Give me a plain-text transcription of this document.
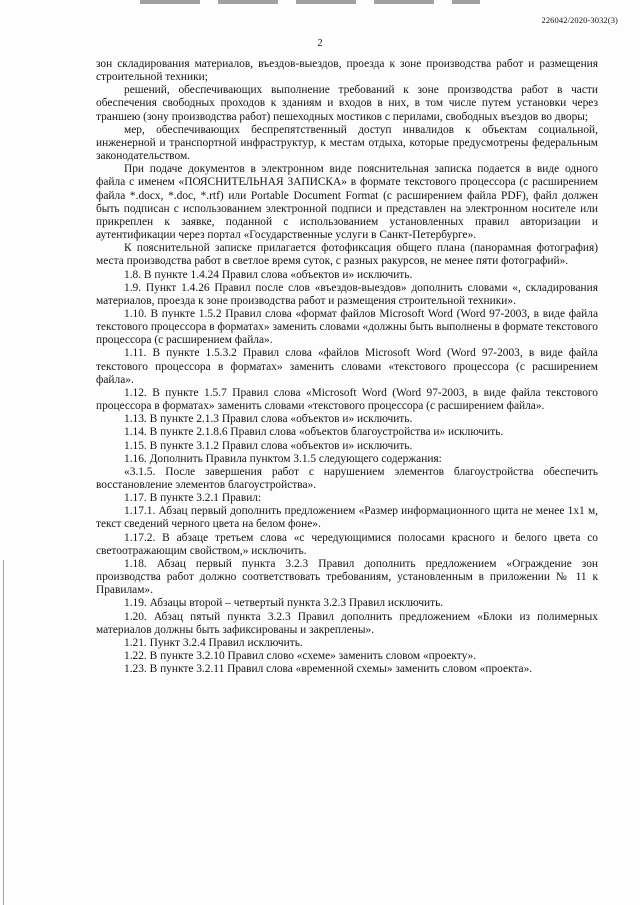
226042/2020-3032(3)
2

зон складирования материалов, въездов-выездов, проезда к зоне производства работ и размещения строительной техники;

решений, обеспечивающих выполнение требований к зоне производства работ в части обеспечения свободных проходов к зданиям и входов в них, в том числе путем установки через траншею (зону производства работ) пешеходных мостиков с перилами, свободных въездов во дворы;

мер, обеспечивающих беспрепятственный доступ инвалидов к объектам социальной, инженерной и транспортной инфраструктур, к местам отдыха, которые предусмотрены федеральным законодательством.

При подаче документов в электронном виде пояснительная записка подается в виде одного файла с именем «ПОЯСНИТЕЛЬНАЯ ЗАПИСКА» в формате текстового процессора (с расширением файла *.docx, *.doc, *.rtf) или Portable Document Format (с расширением файла PDF), файл должен быть подписан с использованием электронной подписи и представлен на электронном носителе или прикреплен к заявке, поданной с использованием установленных правил авторизации и аутентификации через портал «Государственные услуги в Санкт-Петербурге».

К пояснительной записке прилагается фотофиксация общего плана (панорамная фотография) места производства работ в светлое время суток, с разных ракурсов, не менее пяти фотографий».

1.8. В пункте 1.4.24 Правил слова «объектов и» исключить.

1.9. Пункт 1.4.26 Правил после слов «въездов-выездов» дополнить словами «, складирования материалов, проезда к зоне производства работ и размещения строительной техники».

1.10. В пункте 1.5.2 Правил слова «формат файлов Microsoft Word (Word 97-2003, в виде файла текстового процессора в форматах» заменить словами «должны быть выполнены в формате текстового процессора (с расширением файла».

1.11. В пункте 1.5.3.2 Правил слова «файлов Microsoft Word (Word 97-2003, в виде файла текстового процессора в форматах» заменить словами «текстового процессора (с расширением файла».

1.12. В пункте 1.5.7 Правил слова «Microsoft Word (Word 97-2003, в виде файла текстового процессора в форматах» заменить словами «текстового процессора (с расширением файла».

1.13. В пункте 2.1.3 Правил слова «объектов и» исключить.

1.14. В пункте 2.1.8.6 Правил слова «объектов благоустройства и» исключить.

1.15. В пункте 3.1.2 Правил слова «объектов и» исключить.

1.16. Дополнить Правила пунктом 3.1.5 следующего содержания:

«3.1.5. После завершения работ с нарушением элементов благоустройства обеспечить восстановление элементов благоустройства».

1.17. В пункте 3.2.1 Правил:

1.17.1. Абзац первый дополнить предложением «Размер информационного щита не менее 1x1 м, текст сведений черного цвета на белом фоне».

1.17.2. В абзаце третьем слова «с чередующимися полосами красного и белого цвета со светоотражающим свойством,» исключить.

1.18. Абзац первый пункта 3.2.3 Правил дополнить предложением «Ограждение зон производства работ должно соответствовать требованиям, установленным в приложении № 11 к Правилам».

1.19. Абзацы второй – четвертый пункта 3.2.3 Правил исключить.

1.20. Абзац пятый пункта 3.2.3 Правил дополнить предложением «Блоки из полимерных материалов должны быть зафиксированы и закреплены».

1.21. Пункт 3.2.4 Правил исключить.

1.22. В пункте 3.2.10 Правил слово «схеме» заменить словом «проекту».

1.23. В пункте 3.2.11 Правил слова «временной схемы» заменить словом «проекта».
